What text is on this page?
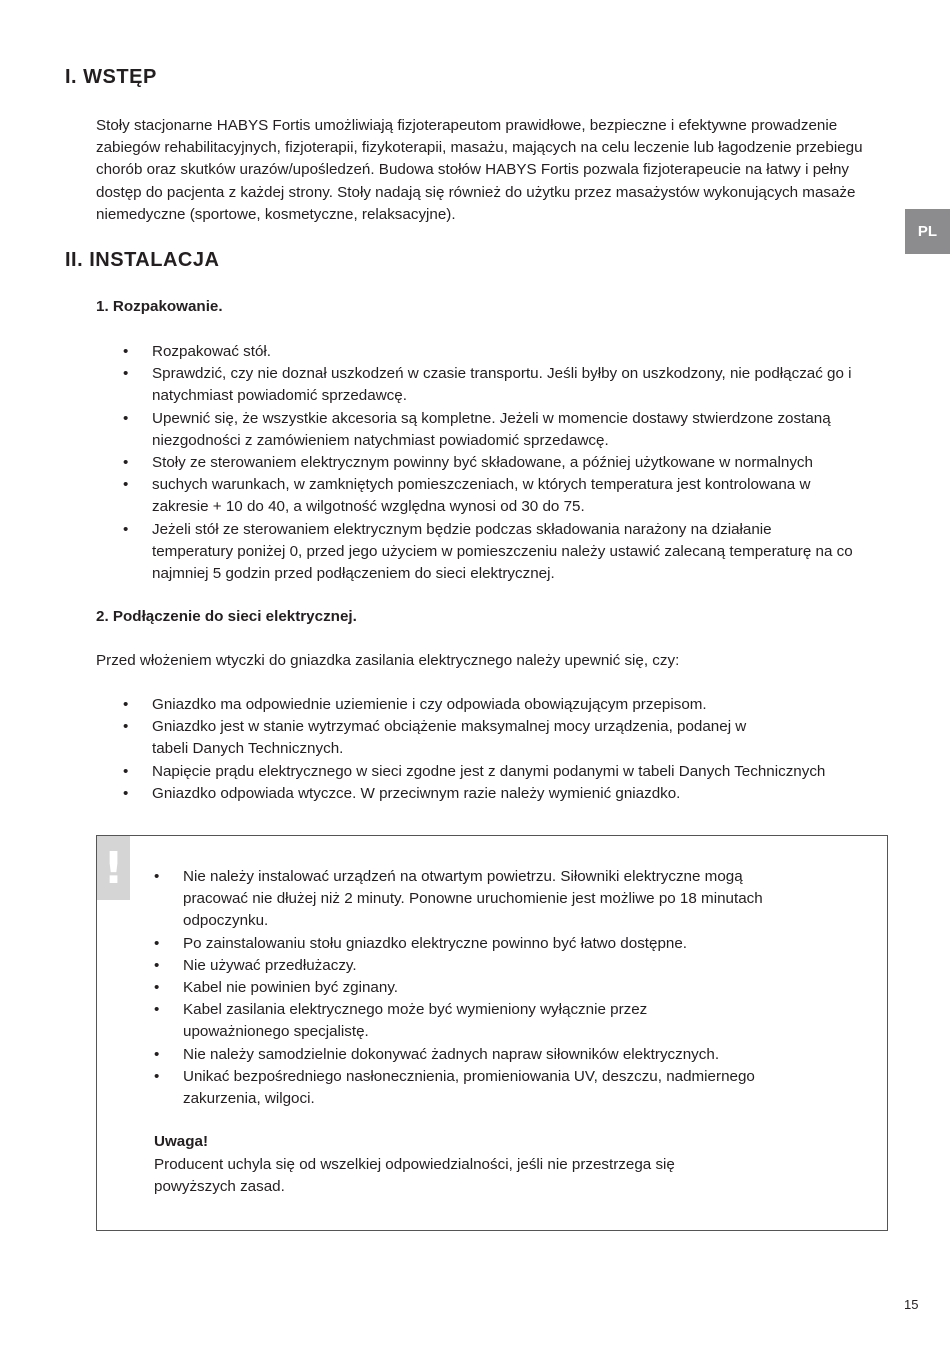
I. WSTĘP

Stoły stacjonarne HABYS Fortis umożliwiają fizjoterapeutom prawidłowe, bezpieczne i efektywne prowadzenie zabiegów rehabilitacyjnych, fizjoterapii, fizykoterapii, masażu, mających na celu leczenie lub łagodzenie przebiegu chorób oraz skutków urazów/upośledzeń. Budowa stołów HABYS Fortis pozwala fizjoterapeucie na łatwy i pełny dostęp do pacjenta z każdej strony. Stoły nadają się również do użytku przez masażystów wykonujących masaże niemedyczne (sportowe, kosmetyczne, relaksacyjne).

PL
II. INSTALACJA
1. Rozpakowanie.
• Rozpakować stół.
• Sprawdzić, czy nie doznał uszkodzeń w czasie transportu. Jeśli byłby on uszkodzony, nie podłączać go i natychmiast powiadomić sprzedawcę.
• Upewnić się, że wszystkie akcesoria są kompletne. Jeżeli w momencie dostawy stwierdzone zostaną niezgodności z zamówieniem natychmiast powiadomić sprzedawcę.
• Stoły ze sterowaniem elektrycznym powinny być składowane, a później użytkowane w normalnych
• suchych warunkach, w zamkniętych pomieszczeniach, w których temperatura jest kontrolowana w zakresie + 10 do 40, a wilgotność względna wynosi od 30 do 75.
• Jeżeli stół ze sterowaniem elektrycznym będzie podczas składowania narażony na działanie temperatury poniżej 0, przed jego użyciem w pomieszczeniu należy ustawić zalecaną temperaturę na co najmniej 5 godzin przed podłączeniem do sieci elektrycznej.
2. Podłączenie do sieci elektrycznej.

Przed włożeniem wtyczki do gniazdka zasilania elektrycznego należy upewnić się, czy:

• Gniazdko ma odpowiednie uziemienie i czy odpowiada obowiązującym przepisom.
• Gniazdko jest w stanie wytrzymać obciążenie maksymalnej mocy urządzenia, podanej w tabeli Danych Technicznych.
• Napięcie prądu elektrycznego w sieci zgodne jest z danymi podanymi w tabeli Danych Technicznych
• Gniazdko odpowiada wtyczce. W przeciwnym razie należy wymienić gniazdko.
!
•	Nie należy instalować urządzeń na otwartym powietrzu. Siłowniki elektryczne mogą pracować nie dłużej niż 2 minuty. Ponowne uruchomienie jest możliwe po 18 minutach odpoczynku.
• Po zainstalowaniu stołu gniazdko elektryczne powinno być łatwo dostępne.
• Nie używać przedłużaczy.
• Kabel nie powinien być zginany.
• Kabel zasilania elektrycznego może być wymieniony wyłącznie przez upoważnionego specjalistę.
• Nie należy samodzielnie dokonywać żadnych napraw siłowników elektrycznych.
• Unikać bezpośredniego nasłonecznienia, promieniowania UV, deszczu, nadmiernego zakurzenia, wilgoci.

Uwaga!

Producent uchyla się od wszelkiej odpowiedzialności, jeśli nie przestrzega się powyższych zasad.

15
